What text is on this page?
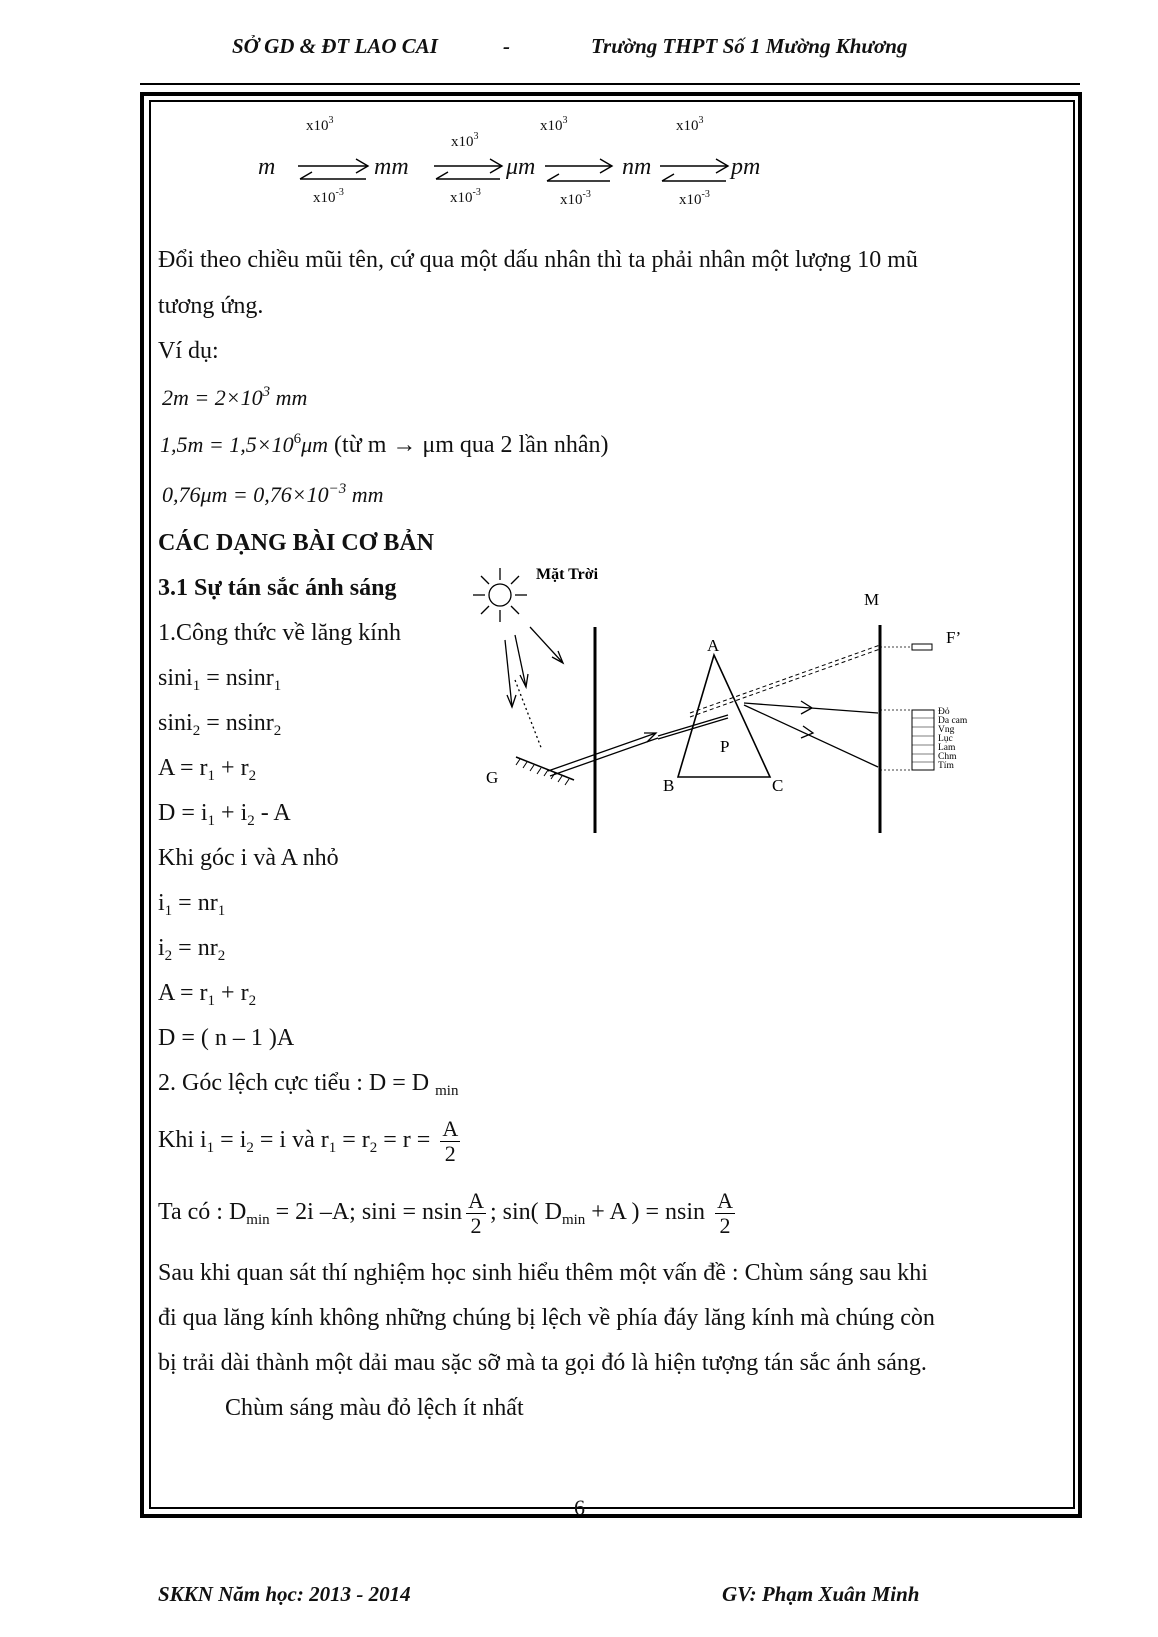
SỞ GD & ĐT LAO CAI	-	Trường THPT Số 1 Mường Khương
m	mm	μm	nm	pm
$x10^3$
$x10^3$
$x10^3$	$x10^3$
$x10^{-3}$	$x10^{-3}$	$x10^{-3}$	$x10^{-3}$
Đổi theo chiều mũi tên, cứ qua một dấu nhân thì ta phải nhân một lượng 10 mũ
tương ứng.
Ví dụ:
$2m = 2\times 10^3$ mm
$1,5m = 1,5\times 10^6\mu m$ (từ m → μm qua 2 lần nhân)
$0,76\mu m = 0,76\times 10^{-3}$ mm
CÁC DẠNG BÀI CƠ BẢN
3.1 Sự tán sắc ánh sáng
1.Công thức về lăng kính
sini$_1$ = nsinr$_1$
sini$_2$ = nsinr$_2$
$A = r_1 + r_2$
$D = i_1 + i_2 - A$
Khi góc i và A nhỏ
$i_1 = nr_1$
$i_2 = nr_2$
$A = r_1 + r_2$
D = ( n – 1 )A
2. Góc lệch cực tiểu : D = D $_{min}$
Khi $i_1 = i_2 = i$ và $r_1 = r_2 = r = \frac{A}{2}$
Ta có : $D_{min} = 2i$ –A; sini = nsin $\frac{A}{2}$ ; sin( $D_{min} + A$ ) = nsin $\frac{A}{2}$
Sau khi quan sát thí nghiệm học sinh hiểu thêm một vấn đề : Chùm sáng sau khi
đi qua lăng kính không những chúng bị lệch về phía đáy lăng kính mà chúng còn
bị trải dài thành một dải mau sặc sỡ mà ta gọi đó là hiện tượng tán sắc ánh sáng.
Chùm sáng màu đỏ lệch ít nhất
Mặt Trời
G
A
P
B	C
M
F’
Đỏ
Da cam
Vng
Lục
Lam
Chm
Tím
6
SKKN Năm học: 2013 - 2014	GV: Phạm Xuân Minh
